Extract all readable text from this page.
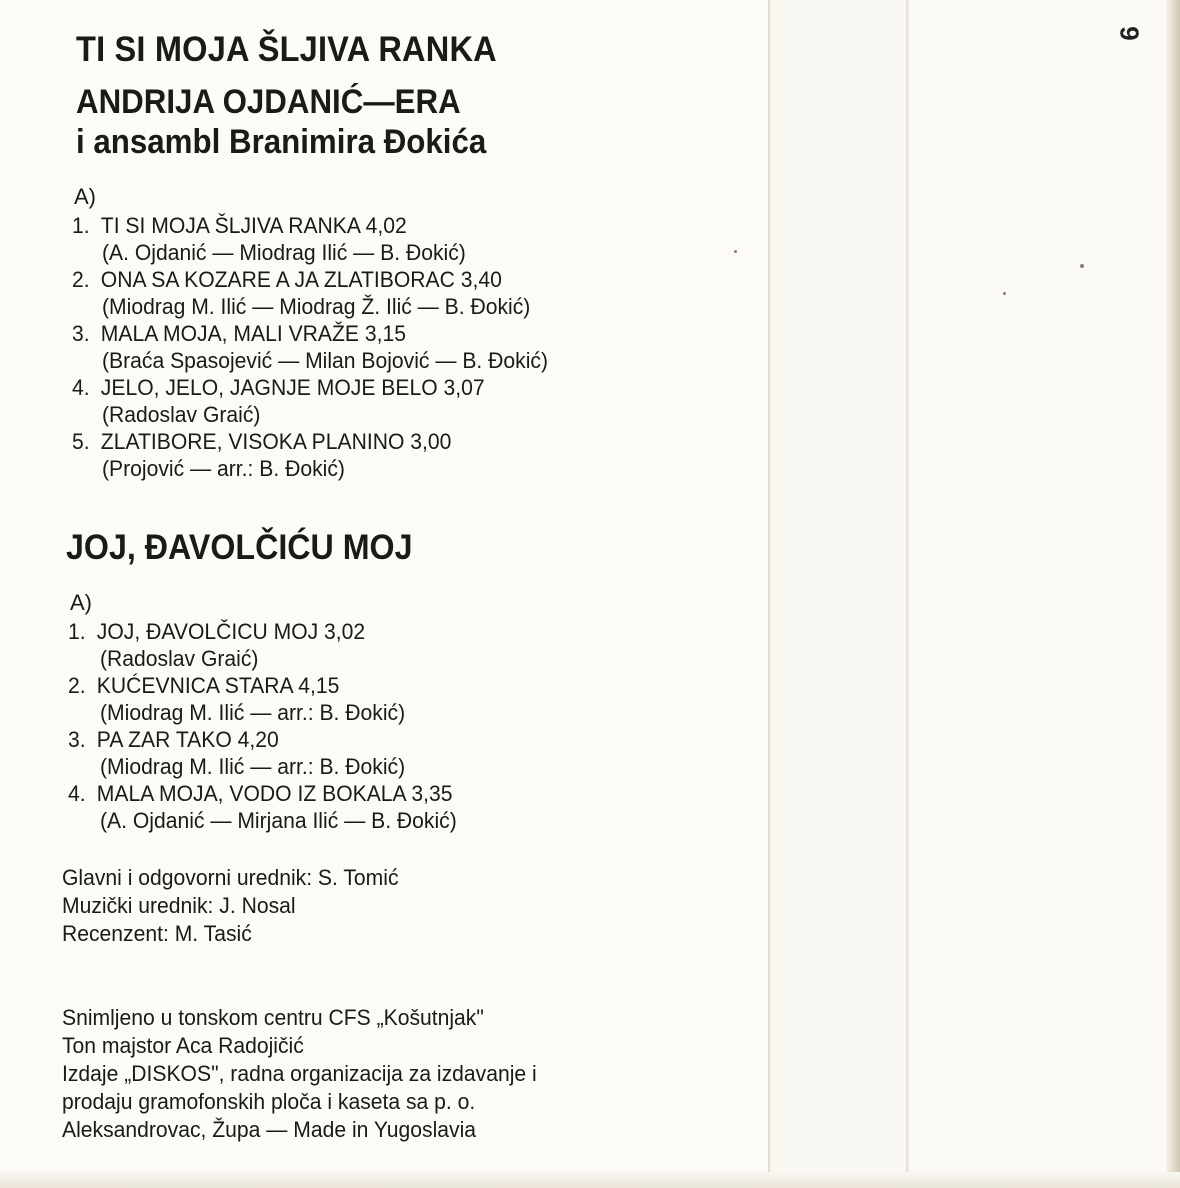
9
TI SI MOJA ŠLJIVA RANKA
ANDRIJA OJDANIĆ—ERA
i ansambl Branimira Đokića
A)
1. TI SI MOJA ŠLJIVA RANKA 4,02
(A. Ojdanić — Miodrag Ilić — B. Đokić)
2. ONA SA KOZARE A JA ZLATIBORAC 3,40
(Miodrag M. Ilić — Miodrag Ž. Ilić — B. Đokić)
3. MALA MOJA, MALI VRAŽE 3,15
(Braća Spasojević — Milan Bojović — B. Đokić)
4. JELO, JELO, JAGNJE MOJE BELO 3,07
(Radoslav Graić)
5. ZLATIBORE, VISOKA PLANINO 3,00
(Projović — arr.: B. Đokić)
JOJ, ĐAVOLČIĆU MOJ
A)
1. JOJ, ĐAVOLČICU MOJ 3,02
(Radoslav Graić)
2. KUĆEVNICA STARA 4,15
(Miodrag M. Ilić — arr.: B. Đokić)
3. PA ZAR TAKO 4,20
(Miodrag M. Ilić — arr.: B. Đokić)
4. MALA MOJA, VODO IZ BOKALA 3,35
(A. Ojdanić — Mirjana Ilić — B. Đokić)
Glavni i odgovorni urednik: S. Tomić
Muzički urednik: J. Nosal
Recenzent: M. Tasić
Snimljeno u tonskom centru CFS „Košutnjak"
Ton majstor Aca Radojičić
Izdaje „DISKOS", radna organizacija za izdavanje i
prodaju gramofonskih ploča i kaseta sa p. o.
Aleksandrovac, Župa — Made in Yugoslavia
